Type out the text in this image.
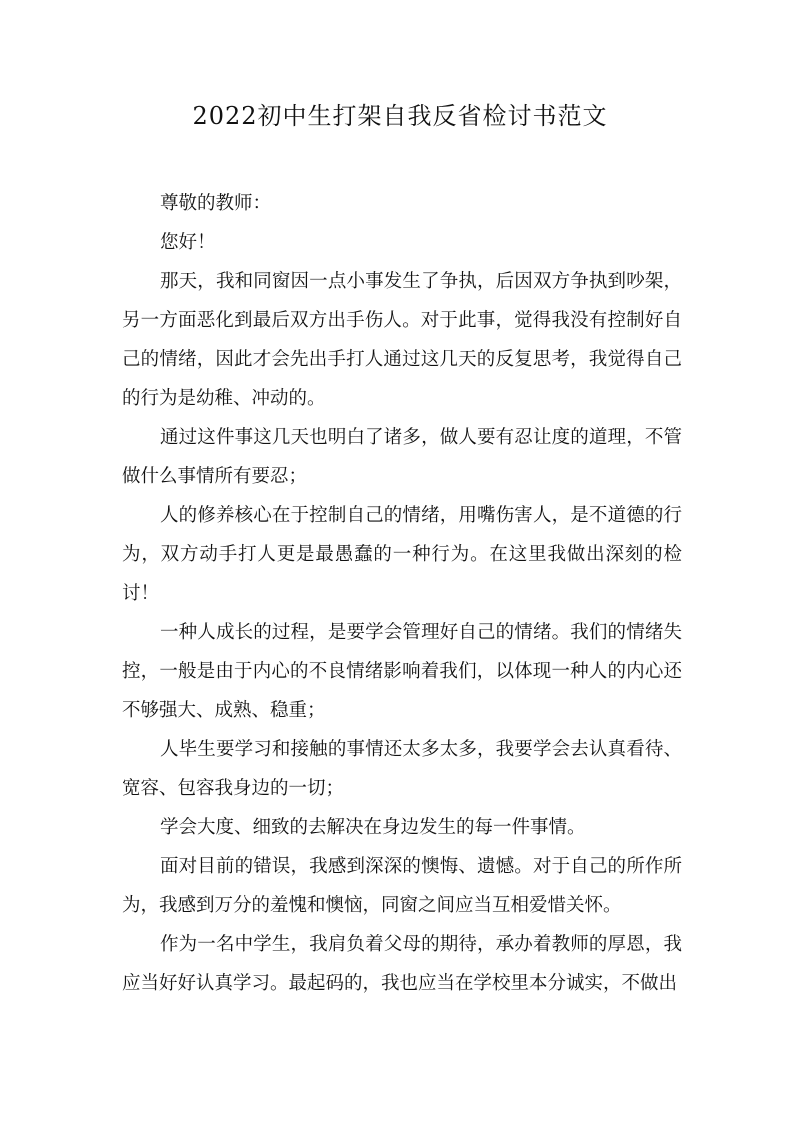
2022初中生打架自我反省检讨书范文

尊敬的教师：

您好！

那天，我和同窗因一点小事发生了争执，后因双方争执到吵架，另一方面恶化到最后双方出手伤人。对于此事，觉得我没有控制好自己的情绪，因此才会先出手打人通过这几天的反复思考，我觉得自己的行为是幼稚、冲动的。

通过这件事这几天也明白了诸多，做人要有忍让度的道理，不管做什么事情所有要忍；

人的修养核心在于控制自己的情绪，用嘴伤害人，是不道德的行为，双方动手打人更是最愚蠢的一种行为。在这里我做出深刻的检讨！

一种人成长的过程，是要学会管理好自己的情绪。我们的情绪失控，一般是由于内心的不良情绪影响着我们，以体现一种人的内心还不够强大、成熟、稳重；

人毕生要学习和接触的事情还太多太多，我要学会去认真看待、宽容、包容我身边的一切；

学会大度、细致的去解决在身边发生的每一件事情。

面对目前的错误，我感到深深的懊悔、遗憾。对于自己的所作所为，我感到万分的羞愧和懊恼，同窗之间应当互相爱惜关怀。

作为一名中学生，我肩负着父母的期待，承办着教师的厚恩，我应当好好认真学习。最起码的，我也应当在学校里本分诚实，不做出
